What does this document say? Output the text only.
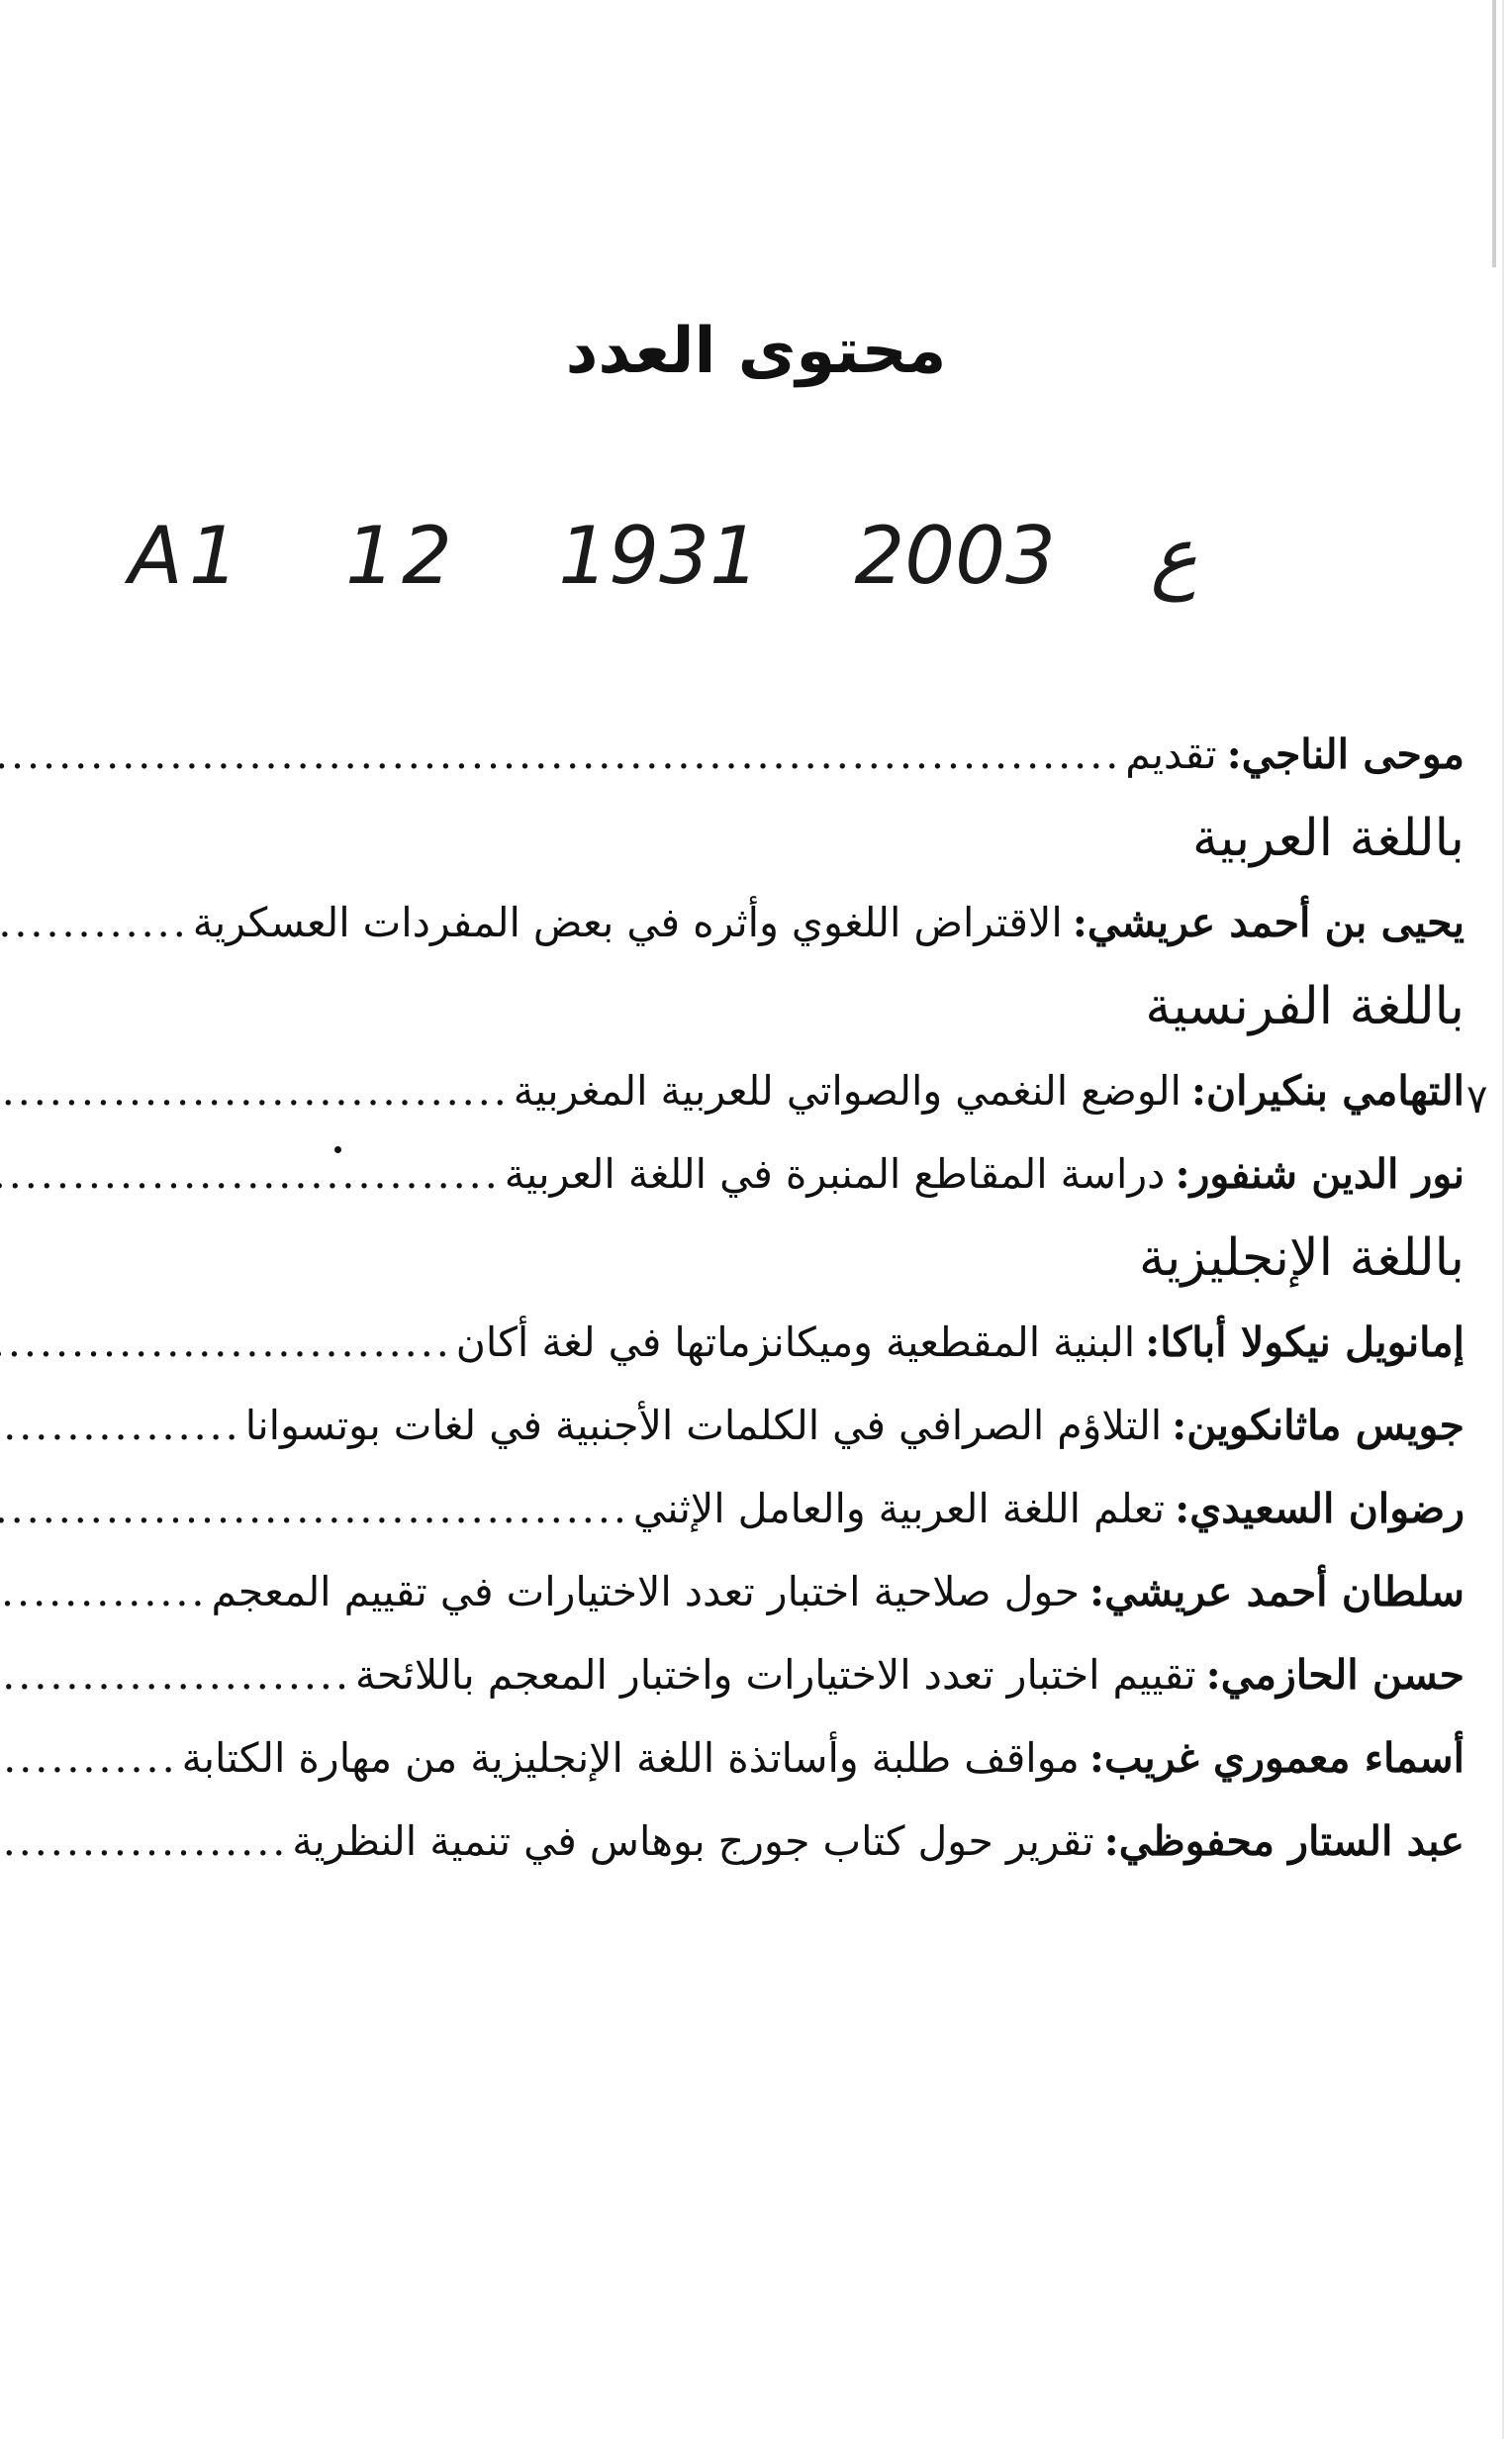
محتوى العدد
A1 12 ع 2003 1931
٧
موحى الناجي:
تقديم
.....
باللغة العربية
يحيى بن أحمد عريشي:
الاقتراض اللغوي وأثره في بعض المفردات العسكرية
.....
باللغة الفرنسية
التهامي بنكيران:
الوضع النغمي والصواتي للعربية المغربية
.....
نور الدين شنفور:
دراسة المقاطع المنبرة في اللغة العربية
.....
باللغة الإنجليزية
إمانويل نيكولا أباكا:
البنية المقطعية وميكانزماتها في لغة أكان
.....
جويس ماثانكوين:
التلاؤم الصرافي في الكلمات الأجنبية في لغات بوتسوانا
.....
رضوان السعيدي:
تعلم اللغة العربية والعامل الإثني
.....
سلطان أحمد عريشي:
حول صلاحية اختبار تعدد الاختيارات في تقييم المعجم
.....
حسن الحازمي:
تقييم اختبار تعدد الاختيارات واختبار المعجم باللائحة
.....
أسماء معموري غريب:
مواقف طلبة وأساتذة اللغة الإنجليزية من مهارة الكتابة
.....
عبد الستار محفوظي:
تقرير حول كتاب جورج بوهاس في تنمية النظرية
.....
